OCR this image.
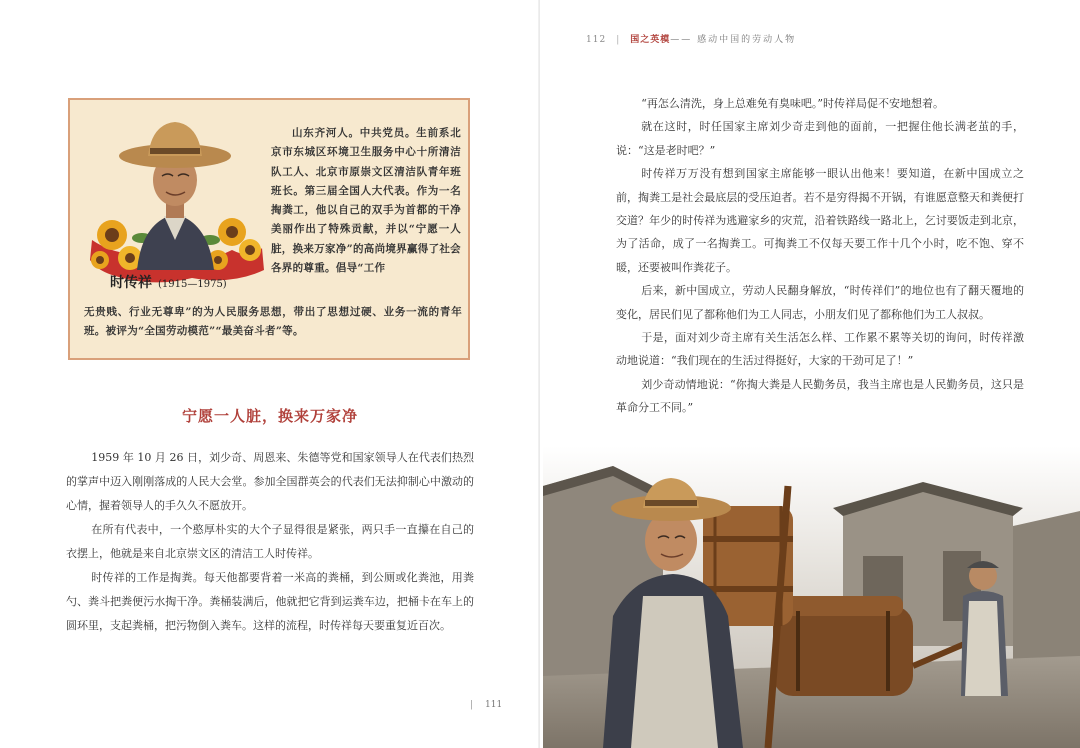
时传祥 (1915—1975)
山东齐河人。中共党员。生前系北京市东城区环境卫生服务中心十所清洁队工人、北京市原崇文区清洁队青年班班长。第三届全国人大代表。作为一名掏粪工，他以自己的双手为首都的干净美丽作出了特殊贡献，并以“宁愿一人脏，换来万家净”的高尚境界赢得了社会各界的尊重。倡导“工作
无贵贱、行业无尊卑”的为人民服务思想，带出了思想过硬、业务一流的青年班。被评为“全国劳动模范”“最美奋斗者”等。
宁愿一人脏，换来万家净

1959 年 10 月 26 日，刘少奇、周恩来、朱德等党和国家领导人在代表们热烈的掌声中迈入刚刚落成的人民大会堂。参加全国群英会的代表们无法抑制心中激动的心情，握着领导人的手久久不愿放开。

在所有代表中，一个憨厚朴实的大个子显得很是紧张，两只手一直攥在自己的衣摆上，他就是来自北京崇文区的清洁工人时传祥。

时传祥的工作是掏粪。每天他都要背着一米高的粪桶，到公厕或化粪池，用粪勺、粪斗把粪便污水掏干净。粪桶装满后，他就把它背到运粪车边，把桶卡在车上的圆环里，支起粪桶，把污物倒入粪车。这样的流程，时传祥每天要重复近百次。

| 111
112 | 国之英模—— 感动中国的劳动人物

“再怎么清洗，身上总难免有臭味吧。”时传祥局促不安地想着。

就在这时，时任国家主席刘少奇走到他的面前，一把握住他长满老茧的手，说：“这是老时吧？”

时传祥万万没有想到国家主席能够一眼认出他来！要知道，在新中国成立之前，掏粪工是社会最底层的受压迫者。若不是穷得揭不开锅，有谁愿意整天和粪便打交道？年少的时传祥为逃避家乡的灾荒，沿着铁路线一路北上，乞讨要饭走到北京，为了活命，成了一名掏粪工。可掏粪工不仅每天要工作十几个小时，吃不饱、穿不暖，还要被叫作粪花子。

后来，新中国成立，劳动人民翻身解放，“时传祥们”的地位也有了翻天覆地的变化，居民们见了都称他们为工人同志，小朋友们见了都称他们为工人叔叔。

于是，面对刘少奇主席有关生活怎么样、工作累不累等关切的询问，时传祥激动地说道：“我们现在的生活过得挺好，大家的干劲可足了！”

刘少奇动情地说：“你掏大粪是人民勤务员，我当主席也是人民勤务员，这只是革命分工不同。”
